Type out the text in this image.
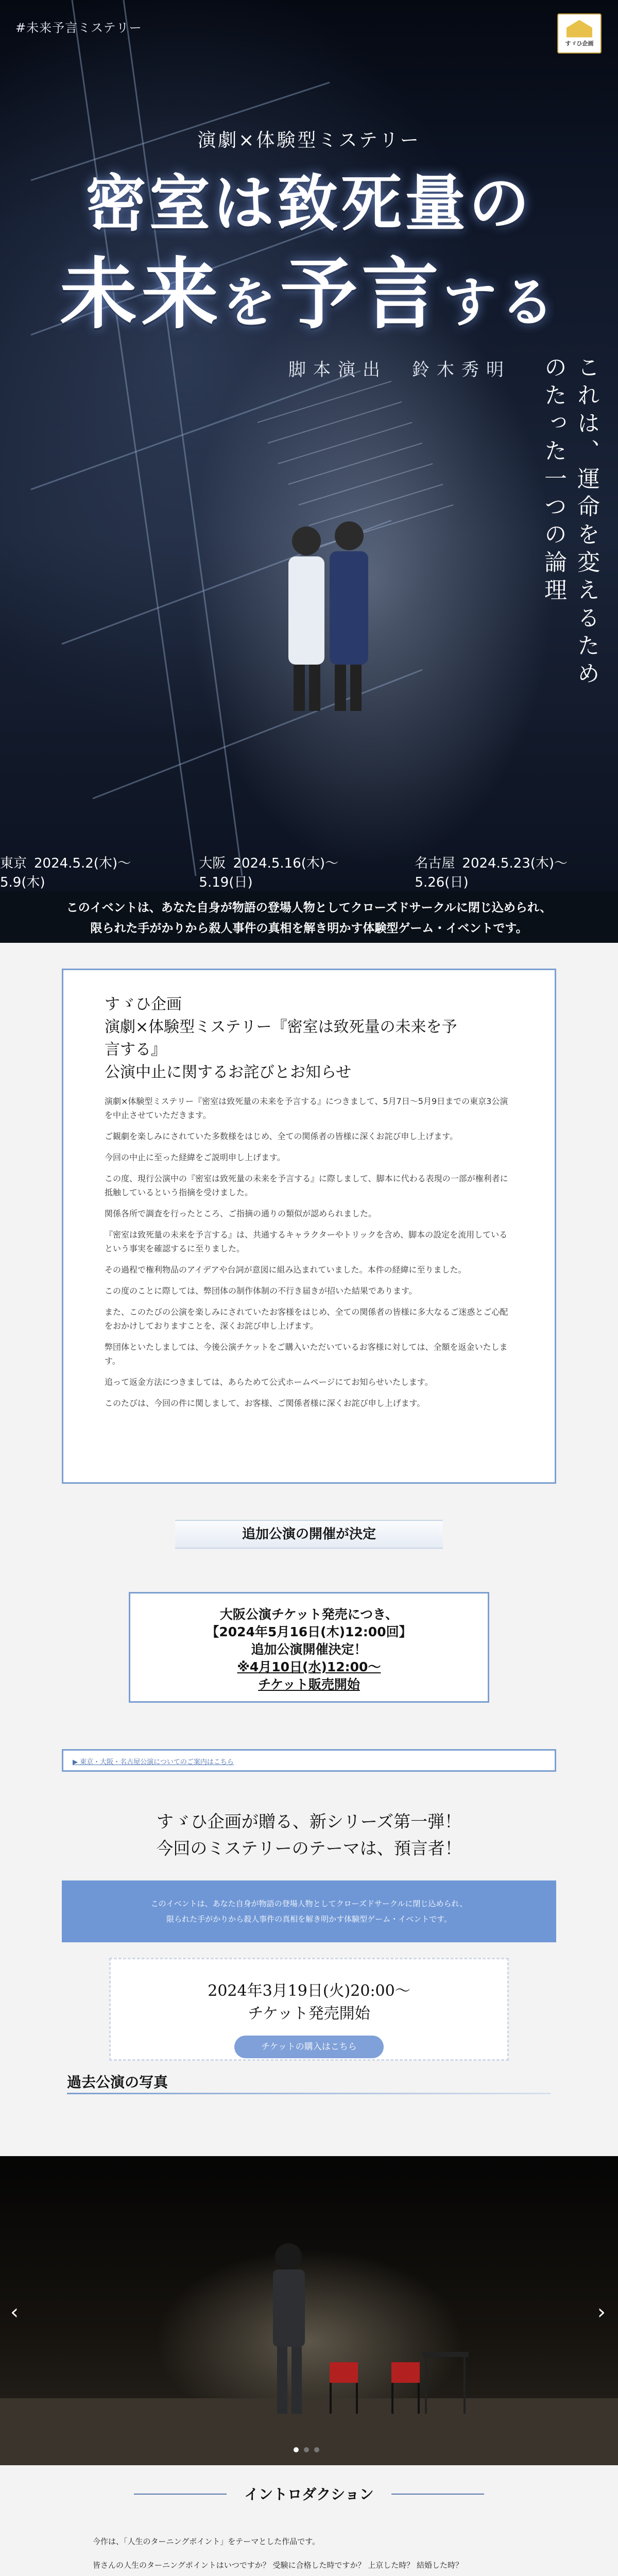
#未来予言ミステリー
すゞひ企画
演劇×体験型ミステリー
密室は致死量の
未来を予言する
脚本演出　鈴木秀明	これは、運命を変えるためのたった一つの論理
東京 2024.5.2(木)〜5.9(木)
大阪 2024.5.16(木)〜5.19(日)
名古屋 2024.5.23(木)〜5.26(日)
このイベントは、あなた自身が物語の登場人物としてクローズドサークルに閉じ込められ、
限られた手がかりから殺人事件の真相を解き明かす体験型ゲーム・イベントです。
すゞひ企画
演劇×体験型ミステリー『密室は致死量の未来を予
言する』
公演中止に関するお詫びとお知らせ

演劇×体験型ミステリー『密室は致死量の未来を予言する』につきまして、5月7日〜5月9日までの東京3公演を中止させていただきます。

ご観劇を楽しみにされていた多数様をはじめ、全ての関係者の皆様に深くお詫び申し上げます。

今回の中止に至った経緯をご説明申し上げます。

この度、現行公演中の『密室は致死量の未来を予言する』に際しまして、脚本に代わる表現の一部が権利者に抵触しているという指摘を受けました。

関係各所で調査を行ったところ、ご指摘の通りの類似が認められました。

『密室は致死量の未来を予言する』は、共通するキャラクターやトリックを含め、脚本の設定を流用しているという事実を確認するに至りました。

その過程で権利物品のアイデアや台詞が意図に組み込まれていました。本件の経緯に至りました。

この度のことに際しては、弊団体の制作体制の不行き届きが招いた結果であります。

また、このたびの公演を楽しみにされていたお客様をはじめ、全ての関係者の皆様に多大なるご迷惑とご心配をおかけしておりますことを、深くお詫び申し上げます。

弊団体といたしましては、今後公演チケットをご購入いただいているお客様に対しては、全額を返金いたします。

追って返金方法につきましては、あらためて公式ホームページにてお知らせいたします。

このたびは、今回の件に関しまして、お客様、ご関係者様に深くお詫び申し上げます。

追加公演の開催が決定
大阪公演チケット発売につき、
【2024年5月16日(木)12:00回】
追加公演開催決定！
※4月10日(水)12:00〜
チケット販売開始
▶ 東京・大阪・名古屋公演についてのご案内はこちら
すゞひ企画が贈る、新シリーズ第一弾！
今回のミステリーのテーマは、預言者！
このイベントは、あなた自身が物語の登場人物としてクローズドサークルに閉じ込められ、
限られた手がかりから殺人事件の真相を解き明かす体験型ゲーム・イベントです。
2024年3月19日(火)20:00〜
チケット発売開始
チケットの購入はこちら
過去公演の写真
‹	›
イントロダクション

今作は、「人生のターニングポイント」をテーマとした作品です。

皆さんの人生のターニングポイントはいつですか？ 受験に合格した時ですか？ 上京した時？ 結婚した時？
